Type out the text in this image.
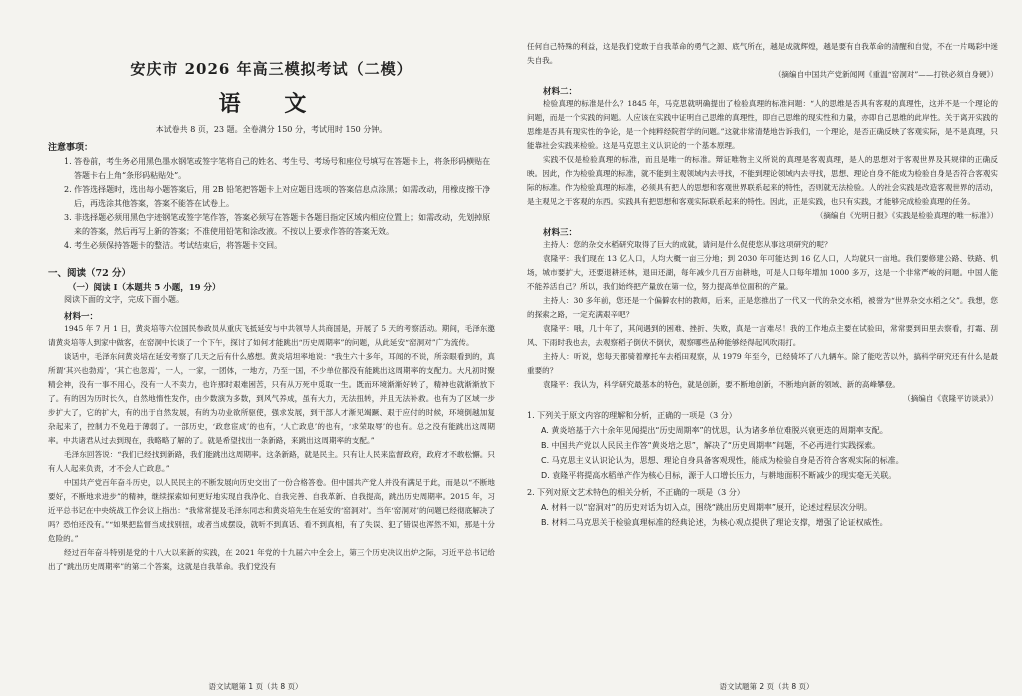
安庆市 2026 年高三模拟考试（二模）
语 文
本试卷共 8 页，23 题。全卷满分 150 分，考试用时 150 分钟。
注意事项：

1. 答卷前，考生务必用黑色墨水钢笔或签字笔将自己的姓名、考生号、考场号和座位号填写在答题卡上，将条形码横贴在答题卡右上角“条形码粘贴处”。

2. 作答选择题时，选出每小题答案后，用 2B 铅笔把答题卡上对应题目选项的答案信息点涂黑；如需改动，用橡皮擦干净后，再选涂其他答案，答案不能答在试卷上。

3. 非选择题必须用黑色字迹钢笔或签字笔作答，答案必须写在答题卡各题目指定区域内相应位置上；如需改动，先划掉原来的答案，然后再写上新的答案；不准使用铅笔和涂改液。不按以上要求作答的答案无效。

4. 考生必须保持答题卡的整洁。考试结束后，将答题卡交回。

一、阅读（72 分）
（一）阅读 Ⅰ（本题共 5 小题，19 分）

阅读下面的文字，完成下面小题。

材料一：

1945 年 7 月 1 日，黄炎培等六位国民参政员从重庆飞抵延安与中共领导人共商国是，开展了 5 天的考察活动。期间，毛泽东邀请黄炎培等人到家中做客，在窑洞中长谈了一个下午，探讨了如何才能跳出“历史周期率”的问题，从此延安“窑洞对”广为流传。

谈话中，毛泽东问黄炎培在延安考察了几天之后有什么感想。黄炎培坦率地说：“我生六十多年，耳闻的不说，所亲眼看到的，真所谓‘其兴也勃焉’，‘其亡也忽焉’，一人，一家，一团体，一地方，乃至一国，不少单位都没有能跳出这周期率的支配力。大凡初时聚精会神，没有一事不用心，没有一人不卖力，也许那时艰难困苦，只有从万死中觅取一生。既而环境渐渐好转了，精神也就渐渐放下了。有的因为历时长久，自然地惰性发作，由少数演为多数，到风气养成，虽有大力，无法扭转，并且无法补救。也有为了区域一步步扩大了，它的扩大，有的出于自然发展，有的为功业欲所驱使，强求发展，到干部人才渐见竭蹶、艰于应付的时候，环境倒越加复杂起来了，控制力不免趋于薄弱了。一部历史，‘政怠宦成’的也有，‘人亡政息’的也有，‘求荣取辱’的也有。总之没有能跳出这周期率。中共诸君从过去到现在，我略略了解的了。就是希望找出一条新路，来跳出这周期率的支配。”

毛泽东回答说：“我们已经找到新路，我们能跳出这周期率。这条新路，就是民主。只有让人民来监督政府，政府才不敢松懈。只有人人起来负责，才不会人亡政息。”

中国共产党百年奋斗历史，以人民民主的不断发展向历史交出了一份合格答卷。但中国共产党人并没有满足于此，而是以“不断地要好，不断地求进步”的精神，继续探索如何更好地实现自我净化、自我完善、自我革新、自我提高，跳出历史周期率。2015 年，习近平总书记在中央统战工作会议上指出：“我常常提及毛泽东同志和黄炎培先生在延安的‘窑洞对’。当年‘窑洞对’的问题已经彻底解决了吗？恐怕还没有。”“如果把监督当成找别扭，或者当成摆设，就听不到真话、看不到真相，有了失误、犯了错误也浑然不知，那是十分危险的。”

经过百年奋斗特别是党的十八大以来新的实践，在 2021 年党的十九届六中全会上，第三个历史决议出炉之际，习近平总书记给出了“跳出历史周期率”的第二个答案，这就是自我革命。我们党没有

语文试题第 1 页（共 8 页）

任何自己特殊的利益，这是我们党敢于自我革命的勇气之源、底气所在，越是成就辉煌，越是要有自我革命的清醒和自觉，不在一片喝彩中迷失自我。

（摘编自中国共产党新闻网《重温“窑洞对”——打铁必须自身硬》）

材料二：

检验真理的标准是什么？1845 年，马克思就明确提出了检验真理的标准问题：“人的思维是否具有客观的真理性，这并不是一个理论的问题，而是一个实践的问题。人应该在实践中证明自己思维的真理性，即自己思维的现实性和力量，亦即自己思维的此岸性。关于离开实践的思维是否具有现实性的争论，是一个纯粹经院哲学的问题。”这就非常清楚地告诉我们，一个理论，是否正确反映了客观实际，是不是真理，只能靠社会实践来检验。这是马克思主义认识论的一个基本原理。

实践不仅是检验真理的标准，而且是唯一的标准。辩证唯物主义所说的真理是客观真理，是人的思想对于客观世界及其规律的正确反映。因此，作为检验真理的标准，就不能到主观领域内去寻找，不能到理论领域内去寻找，思想、理论自身不能成为检验自身是否符合客观实际的标准。作为检验真理的标准，必须具有把人的思想和客观世界联系起来的特性，否则就无法检验。人的社会实践是改造客观世界的活动，是主观见之于客观的东西。实践具有把思想和客观实际联系起来的特性。因此，正是实践，也只有实践，才能够完成检验真理的任务。

（摘编自《光明日报》《实践是检验真理的唯一标准》）

材料三：

主持人：您的杂交水稻研究取得了巨大的成就，请问是什么促使您从事这项研究的呢？

袁隆平：我们现在 13 亿人口，人均大概一亩三分地；到 2030 年可能达到 16 亿人口，人均就只一亩地。我们要修建公路、铁路、机场，城市要扩大，还要退耕还林，退田还湖，每年减少几百万亩耕地，可是人口每年增加 1000 多万，这是一个非常严峻的问题。中国人能不能养活自己？所以，我们始终把产量放在第一位，努力提高单位面积的产量。

主持人：30 多年前，您还是一个偏僻农村的教师，后来，正是您推出了一代又一代的杂交水稻，被誉为“世界杂交水稻之父”。我想，您的探索之路，一定充满艰辛吧？

袁隆平：哦，几十年了，其间遇到的困难、挫折、失败，真是一言难尽！我的工作地点主要在试验田，常常要到田里去察看，打霜、刮风、下雨时我也去，去观察稻子倒伏不倒伏，观察哪些品种能够经得起风吹雨打。

主持人：听说，您每天都骑着摩托车去稻田观察，从 1979 年至今，已经骑坏了八九辆车。除了能吃苦以外，搞科学研究还有什么是最重要的？

袁隆平：我认为，科学研究最基本的特色，就是创新，要不断地创新，不断地向新的领域、新的高峰攀登。

（摘编自《袁隆平访谈录》）

1. 下列关于原文内容的理解和分析，正确的一项是（3 分）

A. 黄炎培基于六十余年见闻提出“历史周期率”的忧思，认为诸多单位难脱兴衰更迭的周期率支配。

B. 中国共产党以人民民主作答“黄炎培之思”，解决了“历史周期率”问题，不必再进行实践探索。

C. 马克思主义认识论认为，思想、理论自身具备客观现性，能成为检验自身是否符合客观实际的标准。

D. 袁隆平将提高水稻单产作为核心目标，源于人口增长压力，与耕地面积不断减少的现实毫无关联。

2. 下列对原文艺术特色的相关分析，不正确的一项是（3 分）

A. 材料一以“窑洞对”的历史对话为切入点，围绕“跳出历史周期率”展开，论述过程层次分明。

B. 材料二马克思关于检验真理标准的经典论述，为核心观点提供了理论支撑，增强了论证权威性。

语文试题第 2 页（共 8 页）
